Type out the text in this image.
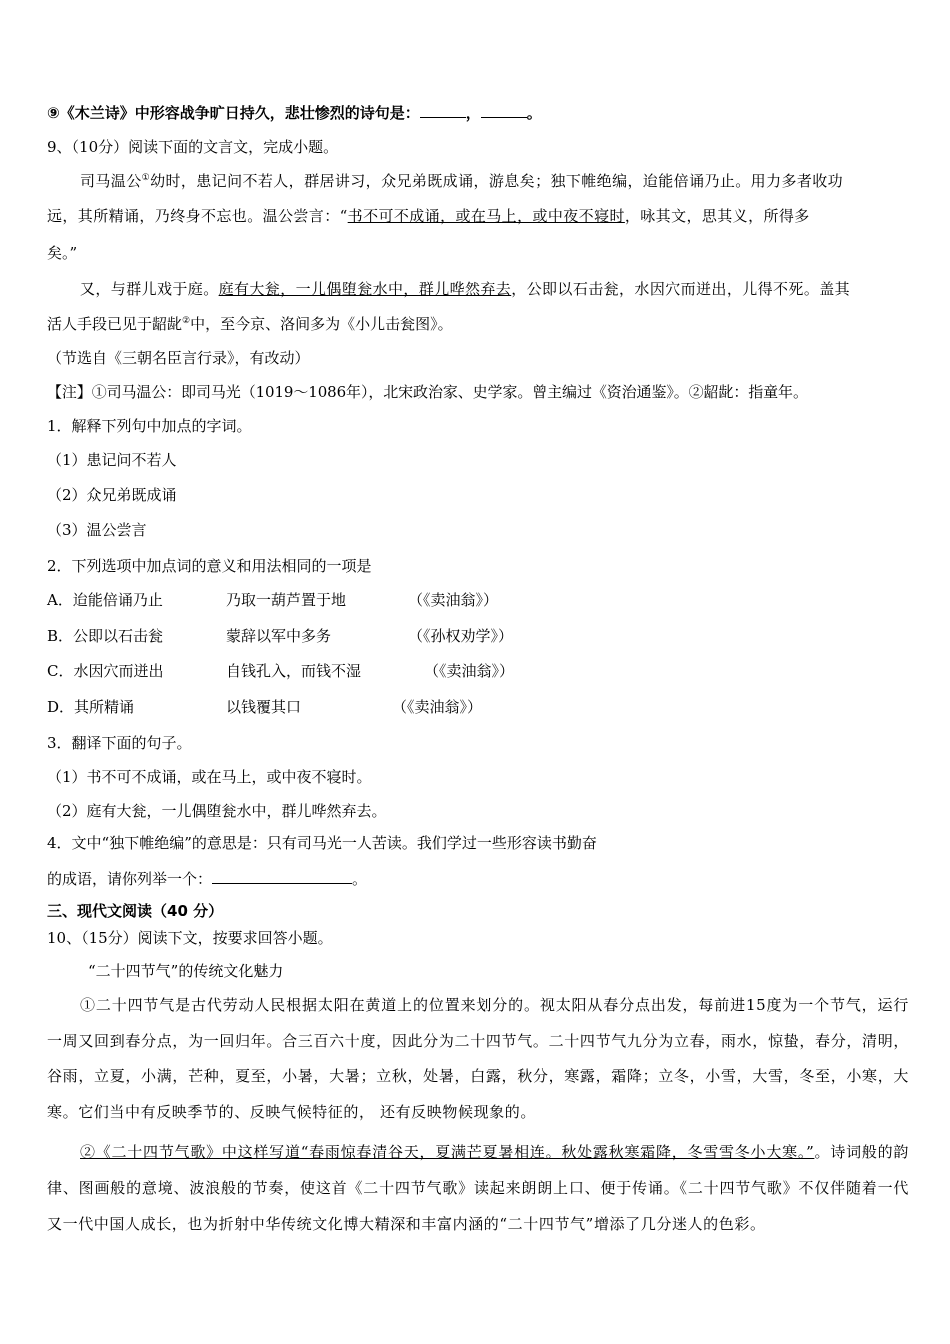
⑨《木兰诗》中形容战争旷日持久，悲壮惨烈的诗句是：	，	。
9、（10分）阅读下面的文言文，完成小题。
司马温公①幼时，患记问不若人，群居讲习，众兄弟既成诵，游息矣；独下帷绝编，迨能倍诵乃止。用力多者收功
远，其所精诵，乃终身不忘也。温公尝言：“书不可不成诵，或在马上，或中夜不寝时，咏其文，思其义，所得多
矣。”
又，与群儿戏于庭。庭有大瓮，一儿偶堕瓮水中，群儿哗然弃去，公即以石击瓮，水因穴而迸出，儿得不死。盖其
活人手段已见于龆龀②中，至今京、洛间多为《小儿击瓮图》。
（节选自《三朝名臣言行录》，有改动）
【注】①司马温公：即司马光（1019～1086年），北宋政治家、史学家。曾主编过《资治通鉴》。②龆龀：指童年。
1．解释下列句中加点的字词。
（1）患记问不若人
（2）众兄弟既成诵
（3）温公尝言
2．下列选项中加点词的意义和用法相同的一项是
A．迨能倍诵乃止	乃取一葫芦置于地	（《卖油翁》）
B．公即以石击瓮	蒙辞以军中多务	（《孙权劝学》）
C．水因穴而迸出	自钱孔入，而钱不湿	（《卖油翁》）
D．其所精诵	以钱覆其口	（《卖油翁》）
3．翻译下面的句子。
（1）书不可不成诵，或在马上，或中夜不寝时。
（2）庭有大瓮，一儿偶堕瓮水中，群儿哗然弃去。
4．文中“独下帷绝编”的意思是：只有司马光一人苦读。我们学过一些形容读书勤奋
的成语，请你列举一个：	。
三、现代文阅读（40 分）
10、（15分）阅读下文，按要求回答小题。
“二十四节气”的传统文化魅力
①二十四节气是古代劳动人民根据太阳在黄道上的位置来划分的。视太阳从春分点出发，每前进15度为一个节气，运行一周又回到春分点，为一回归年。合三百六十度，因此分为二十四节气。二十四节气九分为立春，雨水，惊蛰，春分，清明，谷雨，立夏，小满，芒种，夏至，小暑，大暑；立秋，处暑，白露，秋分，寒露，霜降；立冬，小雪，大雪，冬至，小寒，大寒。它们当中有反映季节的、反映气候特征的， 还有反映物候现象的。
②《二十四节气歌》中这样写道“春雨惊春清谷天，夏满芒夏暑相连。秋处露秋寒霜降，冬雪雪冬小大寒。”。诗词般的韵律、图画般的意境、波浪般的节奏，使这首《二十四节气歌》读起来朗朗上口、便于传诵。《二十四节气歌》不仅伴随着一代又一代中国人成长，也为折射中华传统文化博大精深和丰富内涵的“二十四节气”增添了几分迷人的色彩。
